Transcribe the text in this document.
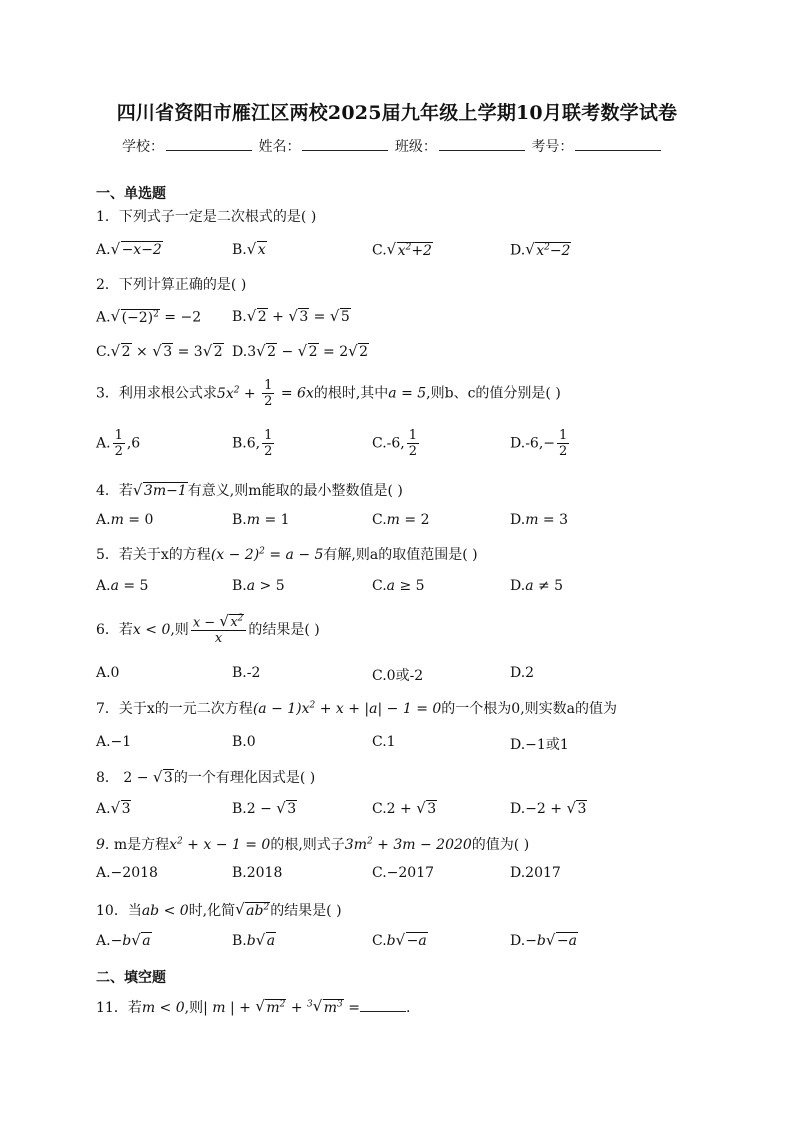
四川省资阳市雁江区两校2025届九年级上学期10月联考数学试卷
学校：	姓名：	班级：	考号：
一、单选题
1．下列式子一定是二次根式的是( )
A.√ −x−2	B.√ x	C.√ $x^2+2$	D.√ $x^2-2$
2．下列计算正确的是( )
A.√ $(-2)^2 = -2$ B.√ 2 + √ 3 = √ 5
C.√ 2 × √ 3 = 3√ 2 D.3√ 2 − √ 2 = 2√ 2
3．利用求根公式求$5x^2 + \frac{1}{2} = 6x$的根时,其中a = 5,则b、c的值分别是( )
A. $\frac{1}{2} ,6$	B.6, $\frac{1}{2}$	C.-6, $\frac{1}{2}$	$D.-6,- \frac{1}{2}$
4．若√ 3m−1有意义,则m能取的最小整数值是( )
A.m = 0	B.m = 1	C.m = 2	D.m = 3
5．若关于x的方程$(x - 2)^2 = a - 5$有解,则a的取值范围是( )
A.a = 5	B.a > 5	C.a ≥ 5	D.a ≠ 5
6．若x < 0,则 $\frac{x - √ x^2}{x}$ 的结果是( )
A.0	B.-2	C.0或-2	D.2
7．关于x的一元二次方程$(a - 1)x^2 + x + |a| - 1 = 0$的一个根为0,则实数a的值为
A.−1	B.0	C.1	D.−1或1
8． 2 − √ 3的一个有理化因式是( )
A.√ 3	B.2 − √ 3	C.2 + √ 3	D.−2 + √ 3
9. m是方程$x^2 + x - 1 = 0$的根,则式子$3m^2 + 3m - 2020$的值为( )
A.−2018	B.2018	C.−2017	D.2017
10．当ab < 0时,化简√ $ab^2$的结果是( )
A.−b√ a	B.b√ a	C.b√ −a	D.−b√ −a
二、填空题
11．若m < 0,则| m | + √ $m^2 + ^3√$ $m^3$ =	.
